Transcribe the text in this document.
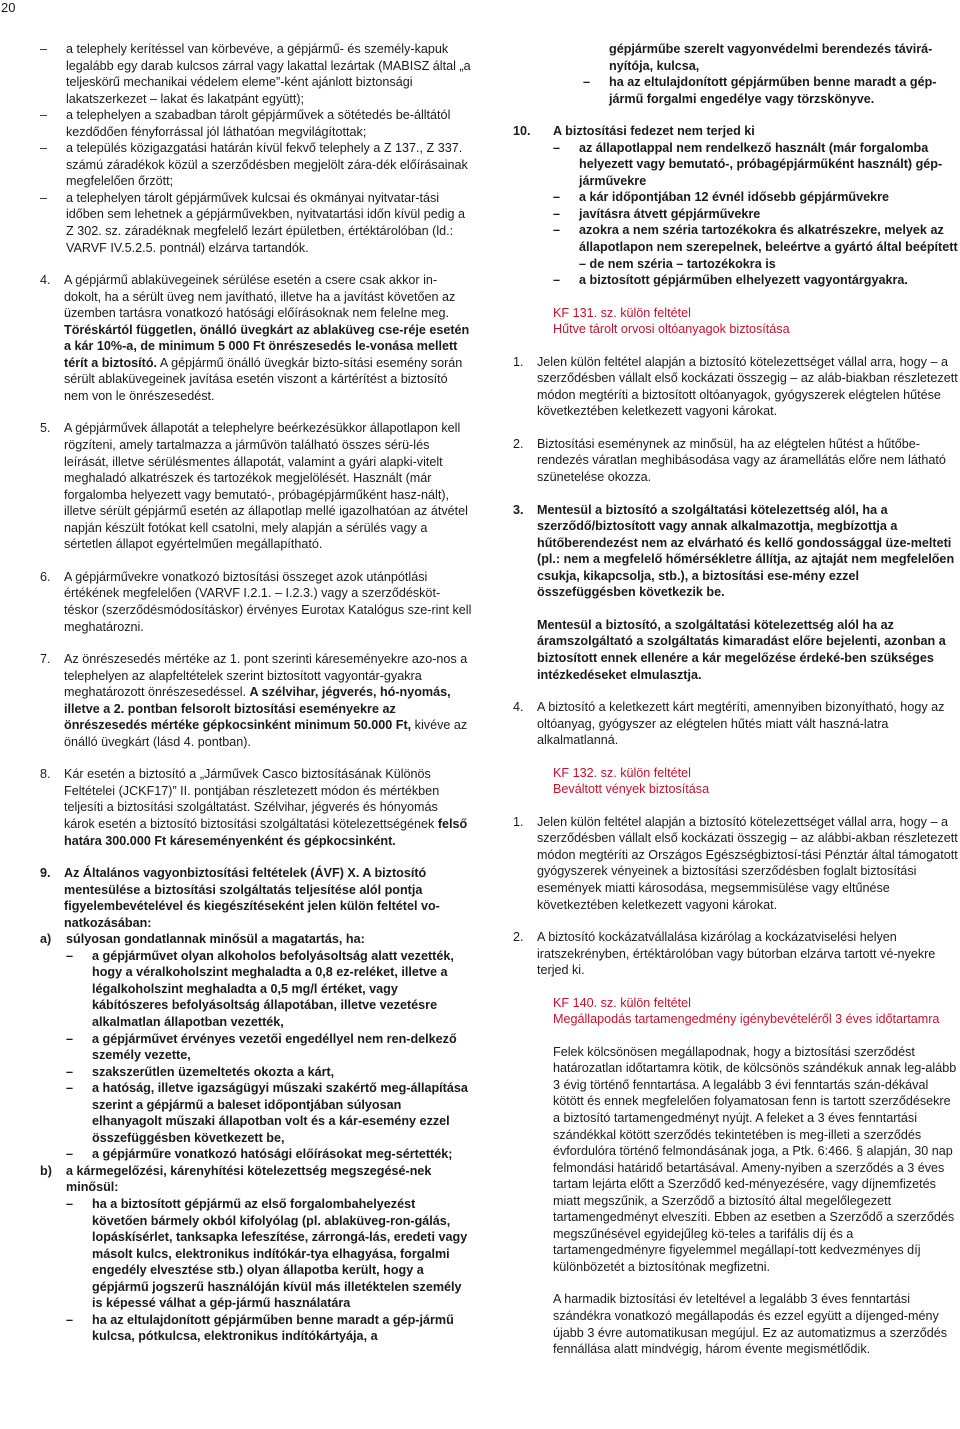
20
–	a telephely kerítéssel van körbevéve, a gépjármű- és személy-kapuk legalább egy darab kulcsos zárral vagy lakattal lezártak (MABISZ által „a teljeskörű mechanikai védelem eleme”-ként ajánlott biztonsági lakatszerkezet – lakat és lakatpánt együtt);
–	a telephelyen a szabadban tárolt gépjárművek a sötétedés be-álltától kezdődően fényforrással jól láthatóan megvilágítottak;
–	a település közigazgatási határán kívül fekvő telephely a Z 137., Z 337. számú záradékok közül a szerződésben megjelölt zára-dék előírásainak megfelelően őrzött;
–	a telephelyen tárolt gépjárművek kulcsai és okmányai nyitvatar-tási időben sem lehetnek a gépjárművekben, nyitvatartási időn kívül pedig a Z 302. sz. záradéknak megfelelő lezárt épületben, értéktárolóban (ld.: VARVF IV.5.2.5. pontnál) elzárva tartandók.
4. A gépjármű ablaküvegeinek sérülése esetén a csere csak akkor in-dokolt, ha a sérült üveg nem javítható, illetve ha a javítást követően az üzemben tartásra vonatkozó hatósági előírásoknak nem felelne meg. Töréskártól független, önálló üvegkárt az ablaküveg cse-réje esetén a kár 10%-a, de minimum 5 000 Ft önrészesedés le-vonása mellett térít a biztosító. A gépjármű önálló üvegkár bizto-sítási esemény során sérült ablaküvegeinek javítása esetén viszont a kártérítést a biztosító nem von le önrészesedést.
5. A gépjárművek állapotát a telephelyre beérkezésükkor állapotlapon kell rögzíteni, amely tartalmazza a járművön található összes sérü-lés leírását, illetve sérülésmentes állapotát, valamint a gyári alapki-vitelt meghaladó alkatrészek és tartozékok megjelölését. Használt (már forgalomba helyezett vagy bemutató-, próbagépjárműként hasz-nált), illetve sérült gépjármű esetén az állapotlap mellé igazolhatóan az átvétel napján készült fotókat kell csatolni, mely alapján a sérülés vagy a sértetlen állapot egyértelműen megállapítható.
6. A gépjárművekre vonatkozó biztosítási összeget azok utánpótlási értékének megfelelően (VARVF I.2.1. – I.2.3.) vagy a szerződésköt-téskor (szerződésmódosításkor) érvényes Eurotax Katalógus sze-rint kell meghatározni.
7. Az önrészesedés mértéke az 1. pont szerinti káreseményekre azo-nos a telephelyen az alapfeltételek szerint biztosított vagyontár-gyakra meghatározott önrészesedéssel. A szélvihar, jégverés, hó-nyomás, illetve a 2. pontban felsorolt biztosítási eseményekre az önrészesedés mértéke gépkocsinként minimum 50.000 Ft, kivéve az önálló üvegkárt (lásd 4. pontban).
8. Kár esetén a biztosító a „Járművek Casco biztosításának Különös Feltételei (JCKF17)” II. pontjában részletezett módon és mértékben teljesíti a biztosítási szolgáltatást. Szélvihar, jégverés és hónyomás károk esetén a biztosító biztosítási szolgáltatási kötelezettségének felső határa 300.000 Ft káreseményenként és gépkocsinként.
9. Az Általános vagyonbiztosítási feltételek (ÁVF) X. A biztosító mentesülése a biztosítási szolgáltatás teljesítése alól pontja figyelembevételével és kiegészítéseként jelen külön feltétel vo-natkozásában:
a) súlyosan gondatlannak minősül a magatartás, ha:
–	a gépjárművet olyan alkoholos befolyásoltság alatt vezették, hogy a véralkoholszint meghaladta a 0,8 ez-reléket, illetve a légalkoholszint meghaladta a 0,5 mg/l értéket, vagy kábítószeres befolyásoltság állapotában, illetve vezetésre alkalmatlan állapotban vezették,
–	a gépjárművet érvényes vezetői engedéllyel nem ren-delkező személy vezette,
–	szakszerűtlen üzemeltetés okozta a kárt,
–	a hatóság, illetve igazságügyi műszaki szakértő meg-állapítása szerint a gépjármű a baleset időpontjában súlyosan elhanyagolt műszaki állapotban volt és a kár-esemény ezzel összefüggésben következett be,
–	a gépjárműre vonatkozó hatósági előírásokat meg-sértették;
b) a kármegelőzési, kárenyhítési kötelezettség megszegésé-nek minősül:
–	ha a biztosított gépjármű az első forgalombahelyezést követően bármely okból kifolyólag (pl. ablaküveg-ron-gálás, lopáskísérlet, tanksapka lefeszítése, zárrongá-lás, eredeti vagy másolt kulcs, elektronikus indítókár-tya elhagyása, forgalmi engedély elvesztése stb.) olyan állapotba került, hogy a gépjármű jogszerű használóján kívül más illetéktelen személy is képessé válhat a gép-jármű használatára
–	ha az eltulajdonított gépjárműben benne maradt a gép-jármű kulcsa, pótkulcsa, elektronikus indítókártyája, a
gépjárműbe szerelt vagyonvédelmi berendezés távirá-nyítója, kulcsa,
–	ha az eltulajdonított gépjárműben benne maradt a gép-jármű forgalmi engedélye vagy törzskönyve.
10. A biztosítási fedezet nem terjed ki
–	az állapotlappal nem rendelkező használt (már forgalomba helyezett vagy bemutató-, próbagépjárműként használt) gép-járművekre
–	a kár időpontjában 12 évnél idősebb gépjárművekre
–	javításra átvett gépjárművekre
–	azokra a nem széria tartozékokra és alkatrészekre, melyek az állapotlapon nem szerepelnek, beleértve a gyártó által beépített – de nem széria – tartozékokra is
–	a biztosított gépjárműben elhelyezett vagyontárgyakra.
KF 131. sz. külön feltétel
Hűtve tárolt orvosi oltóanyagok biztosítása
1. Jelen külön feltétel alapján a biztosító kötelezettséget vállal arra, hogy – a szerződésben vállalt első kockázati összegig – az aláb-biakban részletezett módon megtéríti a biztosított oltóanyagok, gyógyszerek elégtelen hűtése következtében keletkezett vagyoni károkat.
2. Biztosítási eseménynek az minősül, ha az elégtelen hűtést a hűtőbe-rendezés váratlan meghibásodása vagy az áramellátás előre nem látható szünetelése okozza.
3. Mentesül a biztosító a szolgáltatási kötelezettség alól, ha a szerződő/biztosított vagy annak alkalmazottja, megbízottja a hűtőberendezést nem az elvárható és kellő gondossággal üze-melteti (pl.: nem a megfelelő hőmérsékletre állítja, az ajtaját nem megfelelően csukja, kikapcsolja, stb.), a biztosítási ese-mény ezzel összefüggésben következik be.
Mentesül a biztosító, a szolgáltatási kötelezettség alól ha az áramszolgáltató a szolgáltatás kimaradást előre bejelenti, azonban a biztosított ennek ellenére a kár megelőzése érdeké-ben szükséges intézkedéseket elmulasztja.
4. A biztosító a keletkezett kárt megtéríti, amennyiben bizonyítható, hogy az oltóanyag, gyógyszer az elégtelen hűtés miatt vált haszná-latra alkalmatlanná.
KF 132. sz. külön feltétel
Beváltott vények biztosítása
1. Jelen külön feltétel alapján a biztosító kötelezettséget vállal arra, hogy – a szerződésben vállalt első kockázati összegig – az alábbi-akban részletezett módon megtéríti az Országos Egészségbiztosí-tási Pénztár által támogatott gyógyszerek vényeinek a biztosítási szerződésben foglalt biztosítási események miatti károsodása, megsemmisülése vagy eltűnése következtében keletkezett vagyoni károkat.
2. A biztosító kockázatvállalása kizárólag a kockázatviselési helyen iratszekrényben, értéktárolóban vagy bútorban elzárva tartott vé-nyekre terjed ki.
KF 140. sz. külön feltétel
Megállapodás tartamengedmény igénybevételéről 3 éves időtartamra
Felek kölcsönösen megállapodnak, hogy a biztosítási szerződést határozatlan időtartamra kötik, de kölcsönös szándékuk annak leg-alább 3 évig történő fenntartása. A legalább 3 évi fenntartás szán-dékával kötött és ennek megfelelően folyamatosan fenn is tartott szerződésekre a biztosító tartamengedményt nyújt. A feleket a 3 éves fenntartási szándékkal kötött szerződés tekintetében is meg-illeti a szerződés évfordulóra történő felmondásának joga, a Ptk. 6:466. § alapján, 30 nap felmondási határidő betartásával. Ameny-nyiben a szerződés a 3 éves tartam lejárta előtt a Szerződő ked-ményezésére, vagy díjnemfizetés miatt megszűnik, a Szerződő a biztosító által megelőlegezett tartamengedményt elveszíti. Ebben az esetben a Szerződő a szerződés megszűnésével egyidejűleg kö-teles a tarifális díj és a tartamengedményre figyelemmel megállapí-tott kedvezményes díj különbözetét a biztosítónak megfizetni.
A harmadik biztosítási év leteltével a legalább 3 éves fenntartási szándékra vonatkozó megállapodás és ezzel együtt a díjenged-mény újabb 3 évre automatikusan megújul. Ez az automatizmus a szerződés fennállása alatt mindvégig, három évente megismétlődik.
